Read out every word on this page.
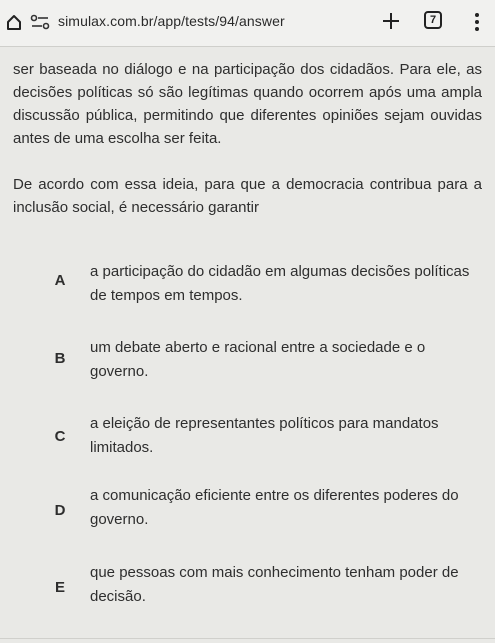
simulax.com.br/app/tests/94/answer	7
ser baseada no diálogo e na participação dos cidadãos. Para ele, as decisões políticas só são legítimas quando ocorrem após uma ampla discussão pública, permitindo que diferentes opiniões sejam ouvidas antes de uma escolha ser feita.
De acordo com essa ideia, para que a democracia contribua para a inclusão social, é necessário garantir
A
a participação do cidadão em algumas decisões políticas de tempos em tempos.
B
um debate aberto e racional entre a sociedade e o governo.
C
a eleição de representantes políticos para mandatos limitados.
D
a comunicação eficiente entre os diferentes poderes do governo.
E
que pessoas com mais conhecimento tenham poder de decisão.
